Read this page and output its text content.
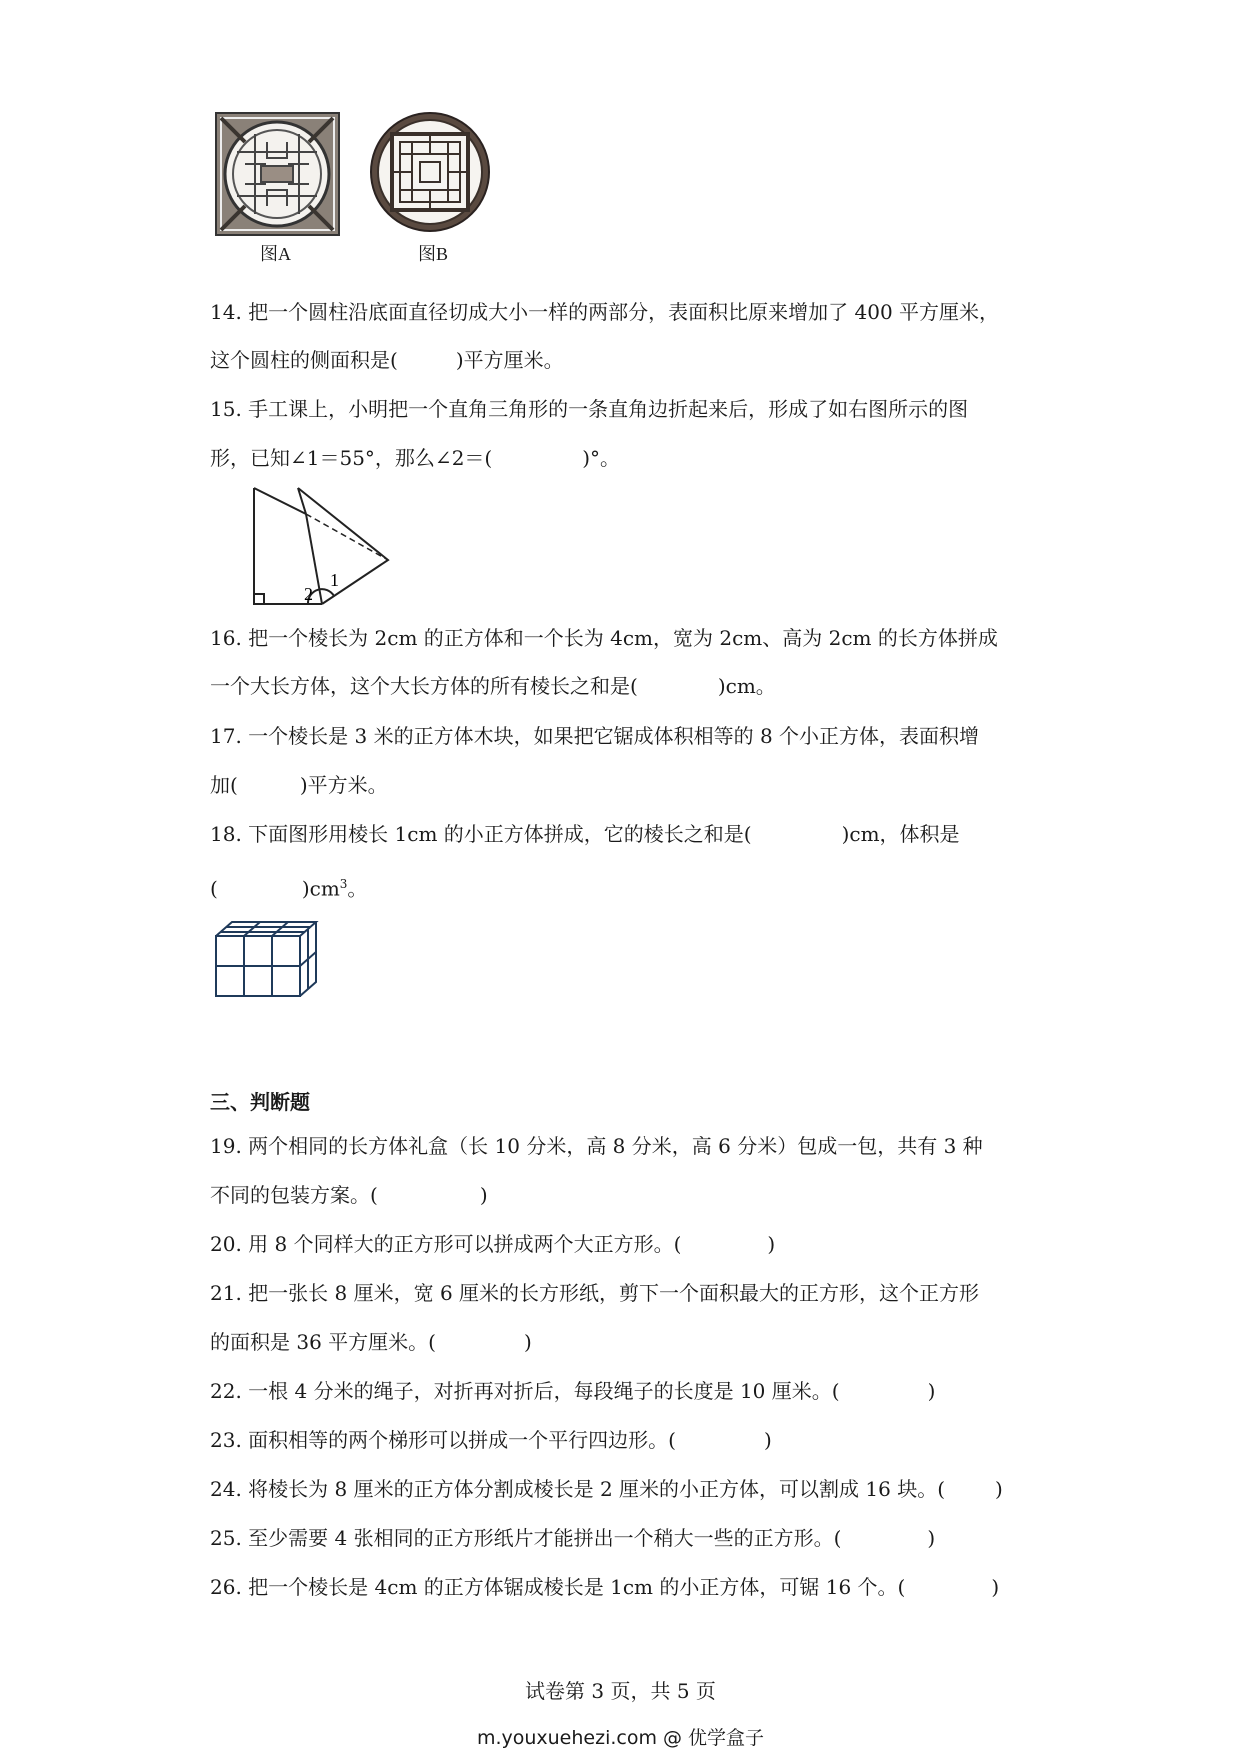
图A	图B
14. 把一个圆柱沿底面直径切成大小一样的两部分，表面积比原来增加了 400 平方厘米，
这个圆柱的侧面积是(	)平方厘米。
15. 手工课上，小明把一个直角三角形的一条直角边折起来后，形成了如右图所示的图
形，已知∠1＝55°，那么∠2＝(	)°。
2
1
16. 把一个棱长为 2cm 的正方体和一个长为 4cm，宽为 2cm、高为 2cm 的长方体拼成
一个大长方体，这个大长方体的所有棱长之和是(	)cm。
17. 一个棱长是 3 米的正方体木块，如果把它锯成体积相等的 8 个小正方体，表面积增
加(	)平方米。
18. 下面图形用棱长 1cm 的小正方体拼成，它的棱长之和是(	)cm，体积是
(	)$cm^3$。
三、判断题
19. 两个相同的长方体礼盒（长 10 分米，高 8 分米，高 6 分米）包成一包，共有 3 种
不同的包装方案。(	)
20. 用 8 个同样大的正方形可以拼成两个大正方形。(	)
21. 把一张长 8 厘米，宽 6 厘米的长方形纸，剪下一个面积最大的正方形，这个正方形
的面积是 36 平方厘米。(	)
22. 一根 4 分米的绳子，对折再对折后，每段绳子的长度是 10 厘米。(	)
23. 面积相等的两个梯形可以拼成一个平行四边形。(	)
24. 将棱长为 8 厘米的正方体分割成棱长是 2 厘米的小正方体，可以割成 16 块。(	)
25. 至少需要 4 张相同的正方形纸片才能拼出一个稍大一些的正方形。(	)
26. 把一个棱长是 4cm 的正方体锯成棱长是 1cm 的小正方体，可锯 16 个。(	)
试卷第 3 页，共 5 页
m.youxuehezi.com @ 优学盒子
